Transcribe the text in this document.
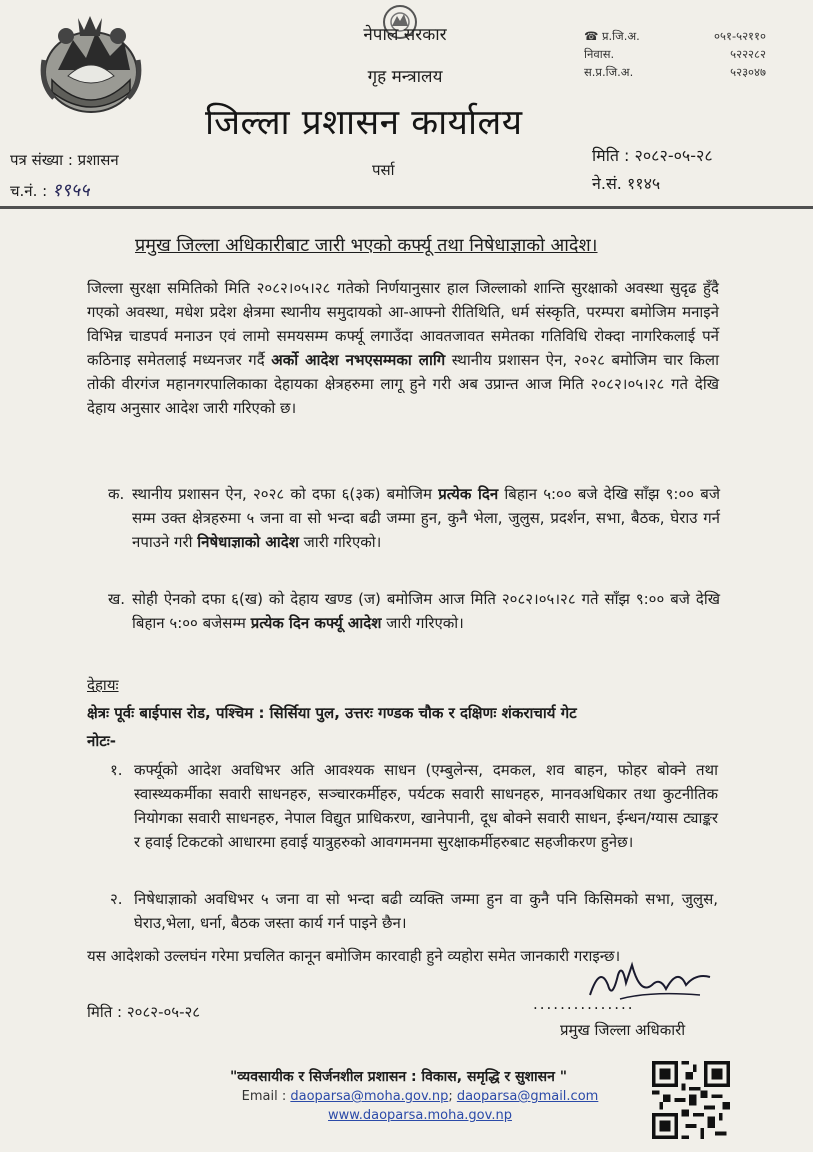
नेपाल सरकार
गृह मन्त्रालय
जिल्ला प्रशासन कार्यालय
पर्सा
☎ प्र.जि.अ.	०५१-५२११०
निवास.	५२२२८२
स.प्र.जि.अ.	५२३०४७
पत्र संख्या : प्रशासन
च.नं. : १९५५
मिति : २०८२-०५-२८
ने.सं. ११४५
प्रमुख जिल्ला अधिकारीबाट जारी भएको कर्फ्यू तथा निषेधाज्ञाको आदेश।
जिल्ला सुरक्षा समितिको मिति २०८२।०५।२८ गतेको निर्णयानुसार हाल जिल्लाको शान्ति सुरक्षाको अवस्था सुदृढ हुँदै गएको अवस्था, मधेश प्रदेश क्षेत्रमा स्थानीय समुदायको आ-आफ्नो रीतिथिति, धर्म संस्कृति, परम्परा बमोजिम मनाइने विभिन्न चाडपर्व मनाउन एवं लामो समयसम्म कर्फ्यू लगाउँदा आवतजावत समेतका गतिविधि रोक्दा नागरिकलाई पर्ने कठिनाइ समेतलाई मध्यनजर गर्दै अर्को आदेश नभएसम्मका लागि स्थानीय प्रशासन ऐन, २०२८ बमोजिम चार किला तोकी वीरगंज महानगरपालिकाका देहायका क्षेत्रहरुमा लागू हुने गरी अब उप्रान्त आज मिति २०८२।०५।२८ गते देखि देहाय अनुसार आदेश जारी गरिएको छ।
क. स्थानीय प्रशासन ऐन, २०२८ को दफा ६(३क) बमोजिम प्रत्येक दिन बिहान ५:०० बजे देखि साँझ ९:०० बजे सम्म उक्त क्षेत्रहरुमा ५ जना वा सो भन्दा बढी जम्मा हुन, कुनै भेला, जुलुस, प्रदर्शन, सभा, बैठक, घेराउ गर्न नपाउने गरी निषेधाज्ञाको आदेश जारी गरिएको।
ख. सोही ऐनको दफा ६(ख) को देहाय खण्ड (ज) बमोजिम आज मिति २०८२।०५।२८ गते साँझ ९:०० बजे देखि बिहान ५:०० बजेसम्म प्रत्येक दिन कर्फ्यू आदेश जारी गरिएको।
देहायः
क्षेत्रः पूर्वः बाईपास रोड, पश्चिम : सिर्सिया पुल, उत्तरः गण्डक चौक र दक्षिणः शंकराचार्य गेट
नोटः-
१. कर्फ्यूको आदेश अवधिभर अति आवश्यक साधन (एम्बुलेन्स, दमकल, शव बाहन, फोहर बोक्ने तथा स्वास्थ्यकर्मीका सवारी साधनहरु, सञ्चारकर्मीहरु, पर्यटक सवारी साधनहरु, मानवअधिकार तथा कुटनीतिक नियोगका सवारी साधनहरु, नेपाल विद्युत प्राधिकरण, खानेपानी, दूध बोक्ने सवारी साधन, ईन्धन/ग्यास ट्याङ्कर र हवाई टिकटको आधारमा हवाई यात्रुहरुको आवगमनमा सुरक्षाकर्मीहरुबाट सहजीकरण हुनेछ।
२. निषेधाज्ञाको अवधिभर ५ जना वा सो भन्दा बढी व्यक्ति जम्मा हुन वा कुनै पनि किसिमको सभा, जुलुस, घेराउ,भेला, धर्ना, बैठक जस्ता कार्य गर्न पाइने छैन।
यस आदेशको उल्लघंन गरेमा प्रचलित कानून बमोजिम कारवाही हुने व्यहोरा समेत जानकारी गराइन्छ।
मिति : २०८२-०५-२८	...............
प्रमुख जिल्ला अधिकारी
"व्यवसायीक र सिर्जनशील प्रशासन : विकास, समृद्धि र सुशासन "
Email : daoparsa@moha.gov.np; daoparsa@gmail.com
www.daoparsa.moha.gov.np
